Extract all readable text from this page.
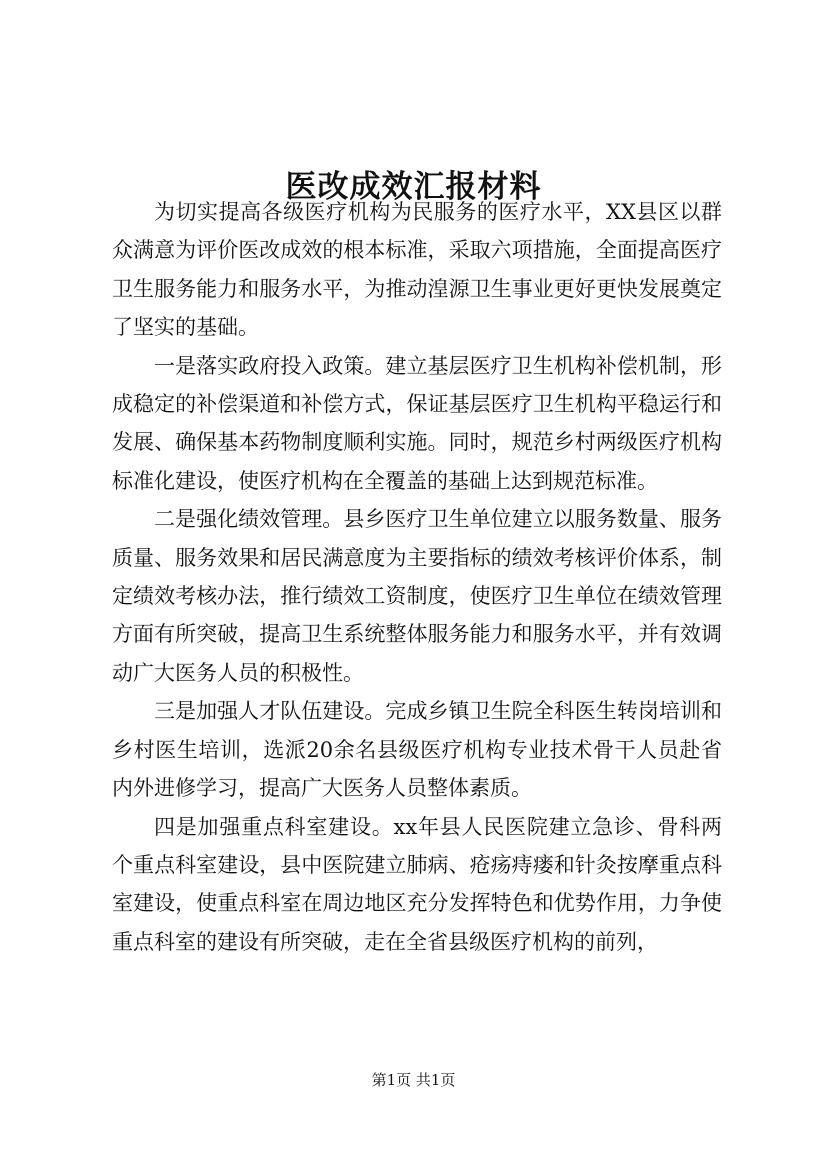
医改成效汇报材料

为切实提高各级医疗机构为民服务的医疗水平，XX县区以群众满意为评价医改成效的根本标准，采取六项措施，全面提高医疗卫生服务能力和服务水平，为推动湟源卫生事业更好更快发展奠定了坚实的基础。

一是落实政府投入政策。建立基层医疗卫生机构补偿机制，形成稳定的补偿渠道和补偿方式，保证基层医疗卫生机构平稳运行和发展、确保基本药物制度顺利实施。同时，规范乡村两级医疗机构标准化建设，使医疗机构在全覆盖的基础上达到规范标准。

二是强化绩效管理。县乡医疗卫生单位建立以服务数量、服务质量、服务效果和居民满意度为主要指标的绩效考核评价体系，制定绩效考核办法，推行绩效工资制度，使医疗卫生单位在绩效管理方面有所突破，提高卫生系统整体服务能力和服务水平，并有效调动广大医务人员的积极性。

三是加强人才队伍建设。完成乡镇卫生院全科医生转岗培训和乡村医生培训，选派20余名县级医疗机构专业技术骨干人员赴省内外进修学习，提高广大医务人员整体素质。

四是加强重点科室建设。xx年县人民医院建立急诊、骨科两个重点科室建设，县中医院建立肺病、疮疡痔瘘和针灸按摩重点科室建设，使重点科室在周边地区充分发挥特色和优势作用，力争使重点科室的建设有所突破，走在全省县级医疗机构的前列，

第1页 共1页
